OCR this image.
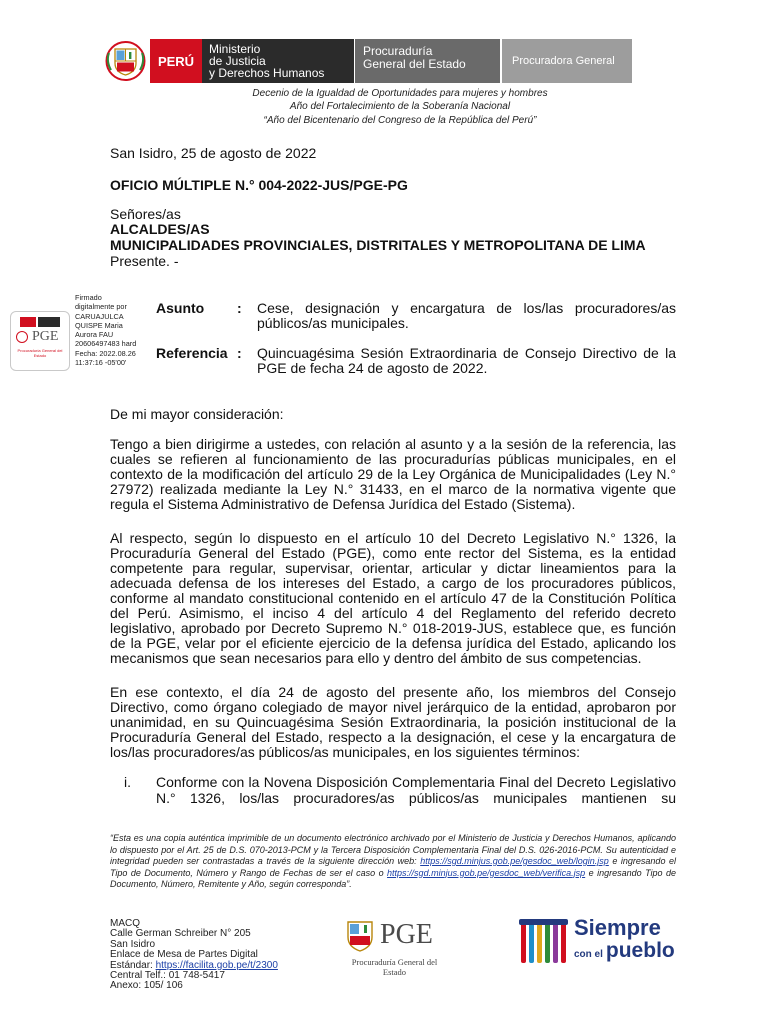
PERÚ
Ministerio
de Justicia
y Derechos Humanos
Procuraduría
General del Estado	Procuradora General
Decenio de la Igualdad de Oportunidades para mujeres y hombres
Año del Fortalecimiento de la Soberanía Nacional
“Año del Bicentenario del Congreso de la República del Perú”
San Isidro, 25 de agosto de 2022
OFICIO MÚLTIPLE N.° 004-2022-JUS/PGE-PG
Señores/as
ALCALDES/AS
MUNICIPALIDADES PROVINCIALES, DISTRITALES Y METROPOLITANA DE LIMA
Presente. -
PGE
Procuraduría General del Estado
Firmado digitalmente por CARUAJULCA QUISPE Maria Aurora FAU 20606497483 hard Fecha: 2022.08.26 11:37:16 -05'00'
Asunto : Cese, designación y encargatura de los/las procuradores/as
públicos/as municipales.
Referencia : Quincuagésima Sesión Extraordinaria de Consejo Directivo de la
PGE de fecha 24 de agosto de 2022.
De mi mayor consideración:
Tengo a bien dirigirme a ustedes, con relación al asunto y a la sesión de la referencia, las cuales se refieren al funcionamiento de las procuradurías públicas municipales, en el contexto de la modificación del artículo 29 de la Ley Orgánica de Municipalidades (Ley N.° 27972) realizada mediante la Ley N.° 31433, en el marco de la normativa vigente que regula el Sistema Administrativo de Defensa Jurídica del Estado (Sistema).
Al respecto, según lo dispuesto en el artículo 10 del Decreto Legislativo N.° 1326, la Procuraduría General del Estado (PGE), como ente rector del Sistema, es la entidad competente para regular, supervisar, orientar, articular y dictar lineamientos para la adecuada defensa de los intereses del Estado, a cargo de los procuradores públicos, conforme al mandato constitucional contenido en el artículo 47 de la Constitución Política del Perú. Asimismo, el inciso 4 del artículo 4 del Reglamento del referido decreto legislativo, aprobado por Decreto Supremo N.° 018-2019-JUS, establece que, es función de la PGE, velar por el eficiente ejercicio de la defensa jurídica del Estado, aplicando los mecanismos que sean necesarios para ello y dentro del ámbito de sus competencias.
En ese contexto, el día 24 de agosto del presente año, los miembros del Consejo Directivo, como órgano colegiado de mayor nivel jerárquico de la entidad, aprobaron por unanimidad, en su Quincuagésima Sesión Extraordinaria, la posición institucional de la Procuraduría General del Estado, respecto a la designación, el cese y la encargatura de los/las procuradores/as públicos/as municipales, en los siguientes términos:
i. Conforme con la Novena Disposición Complementaria Final del Decreto Legislativo
N.° 1326, los/las procuradores/as públicos/as municipales mantienen su
“Esta es una copia auténtica imprimible de un documento electrónico archivado por el Ministerio de Justicia y Derechos Humanos, aplicando lo dispuesto por el Art. 25 de D.S. 070-2013-PCM y la Tercera Disposición Complementaria Final del D.S. 026-2016-PCM. Su autenticidad e integridad pueden ser contrastadas a través de la siguiente dirección web: https://sgd.minjus.gob.pe/gesdoc_web/login.jsp e ingresando el Tipo de Documento, Número y Rango de Fechas de ser el caso o https://sgd.minjus.gob.pe/gesdoc_web/verifica.jsp e ingresando Tipo de Documento, Número, Remitente y Año, según corresponda”.
MACQ
Calle German Schreiber N° 205
San Isidro
Enlace de Mesa de Partes Digital
Estándar: https://facilita.gob.pe/t/2300
Central Telf.: 01 748-5417
Anexo: 105/ 106
PGE
Procuraduría General del
Estado
Siempre
con el pueblo
